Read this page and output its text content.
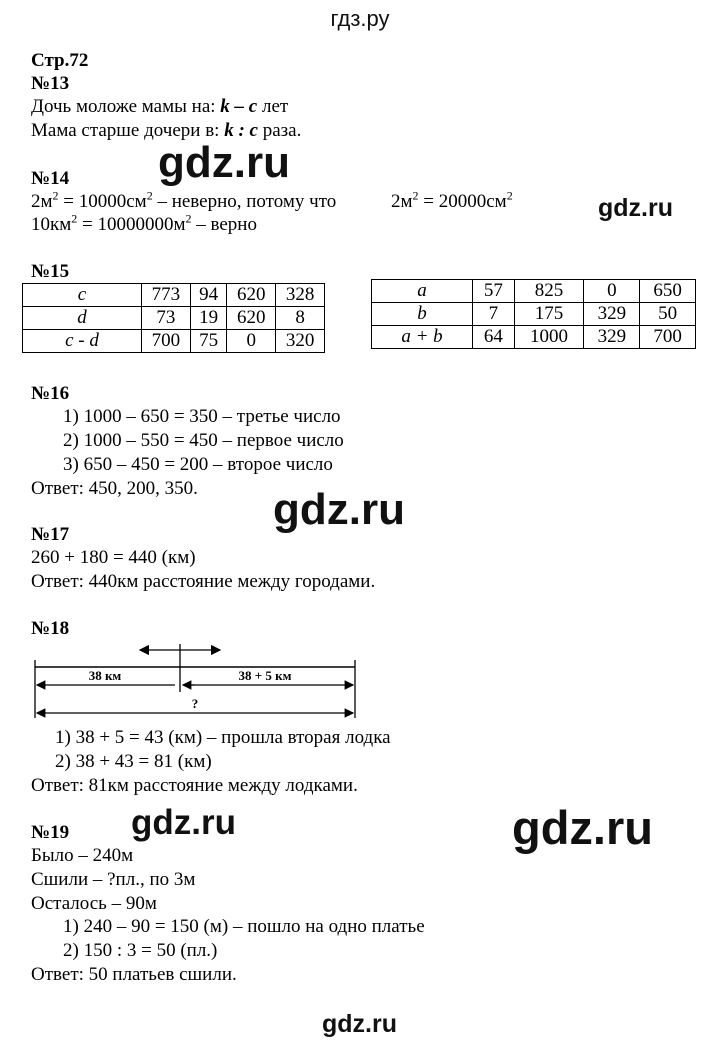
гдз.ру
Стр.72
№13
Дочь моложе мамы на: k – c лет
Мама старше дочери в: k : c раза.
gdz.ru
№14
$2м^2 = 10000см^2$ – неверно, потому что	$2м^2 = 20000см^2$
$10км^2 = 10000000м^2$ – верно
gdz.ru
№15
c	773	94	620	328
d	73	19	620	8
c - d	700	75	0	320
a	57	825	0	650
b	7	175	329	50
a + b	64	1000	329	700
№16
1) 1000 – 650 = 350 – третье число
2) 1000 – 550 = 450 – первое число
3) 650 – 450 = 200 – второе число
Ответ: 450, 200, 350. gdz.ru
№17
260 + 180 = 440 (км)
Ответ: 440км расстояние между городами.
№18
38 км	38 + 5 км
?
1) 38 + 5 = 43 (км) – прошла вторая лодка
2) 38 + 43 = 81 (км)
Ответ: 81км расстояние между лодками.
gdz.ru	gdz.ru
№19
Было – 240м
Сшили – ?пл., по 3м
Осталось – 90м
1) 240 – 90 = 150 (м) – пошло на одно платье
2) 150 : 3 = 50 (пл.)
Ответ: 50 платьев сшили.
gdz.ru
